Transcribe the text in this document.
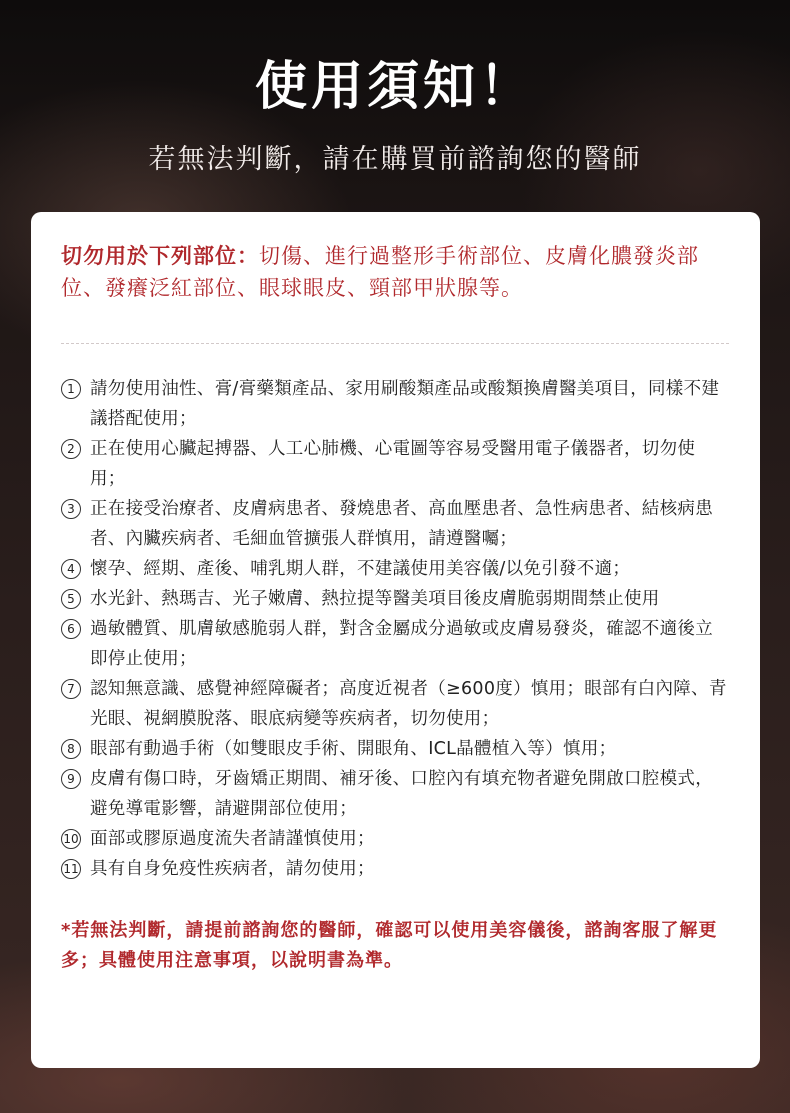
使用須知！
若無法判斷，請在購買前諮詢您的醫師
切勿用於下列部位：切傷、進行過整形手術部位、皮膚化膿發炎部位、發癢泛紅部位、眼球眼皮、頸部甲狀腺等。
1 請勿使用油性、膏/膏藥類產品、家用刷酸類產品或酸類換膚醫美項目，同樣不建議搭配使用；
2 正在使用心臟起搏器、人工心肺機、心電圖等容易受醫用電子儀器者，切勿使用；
3 正在接受治療者、皮膚病患者、發燒患者、高血壓患者、急性病患者、結核病患者、內臟疾病者、毛細血管擴張人群慎用，請遵醫囑；
4 懷孕、經期、產後、哺乳期人群，不建議使用美容儀/以免引發不適；
5 水光針、熱瑪吉、光子嫩膚、熱拉提等醫美項目後皮膚脆弱期間禁止使用
6 過敏體質、肌膚敏感脆弱人群，對含金屬成分過敏或皮膚易發炎，確認不適後立即停止使用；
7 認知無意識、感覺神經障礙者；高度近視者（≥600度）慎用；眼部有白內障、青光眼、視網膜脫落、眼底病變等疾病者，切勿使用；
8 眼部有動過手術（如雙眼皮手術、開眼角、ICL晶體植入等）慎用；
9 皮膚有傷口時，牙齒矯正期間、補牙後、口腔內有填充物者避免開啟口腔模式，避免導電影響，請避開部位使用；
10 面部或膠原過度流失者請謹慎使用；
11 具有自身免疫性疾病者，請勿使用；
*若無法判斷，請提前諮詢您的醫師，確認可以使用美容儀後，諮詢客服了解更多；具體使用注意事項，以說明書為準。
